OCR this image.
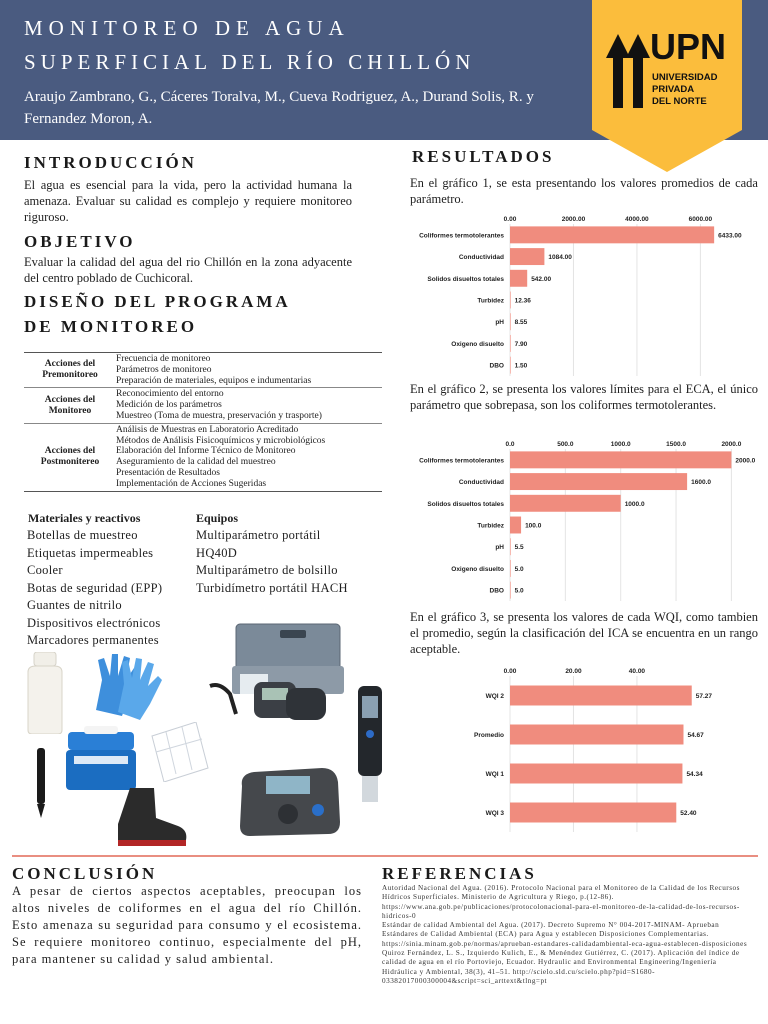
MONITOREO DE AGUA
SUPERFICIAL DEL RÍO CHILLÓN
Araujo Zambrano, G., Cáceres Toralva, M., Cueva Rodriguez, A., Durand Solis, R. y Fernandez Moron, A.
UPN
UNIVERSIDAD
PRIVADA
DEL NORTE
INTRODUCCIÓN
El agua es esencial para la vida, pero la actividad humana la amenaza. Evaluar su calidad es complejo y requiere monitoreo riguroso.
OBJETIVO
Evaluar la calidad del agua del rio Chillón en la zona adyacente del centro poblado de Cuchicoral.
DISEÑO DEL PROGRAMA
DE MONITOREO
Acciones del Premonitoreo
Frecuencia de monitoreo
Parámetros de monitoreo
Preparación de materiales, equipos e indumentarias
Acciones del Monitoreo
Reconocimiento del entorno
Medición de los parámetros
Muestreo (Toma de muestra, preservación y trasporte)
Acciones del Postmonitereo
Análisis de Muestras en Laboratorio Acreditado
Métodos de Análisis Fisicoquímicos y microbiológicos
Elaboración del Informe Técnico de Monitoreo
Aseguramiento de la calidad del muestreo
Presentación de Resultados
Implementación de Acciones Sugeridas
Materiales y reactivos	Equipos
Botellas de muestreo
Etiquetas impermeables
Cooler
Botas de seguridad (EPP)
Guantes de nitrilo
Dispositivos electrónicos
Marcadores permanentes
Multiparámetro portátil
HQ40D
Multiparámetro de bolsillo
Turbidímetro portátil HACH
RESULTADOS
En el gráfico 1, se esta presentando los valores promedios de cada parámetro.
0.00	2000.00	4000.00	6000.00
Coliformes termotolerantes	6433.00
Conductividad	1084.00
Solidos disueltos totales	542.00
Turbidez 12.36
pH 8.55
Oxigeno disuelto 7.90
DBO 1.50
En el gráfico 2, se presenta los valores límites para el ECA, el único parámetro que sobrepasa, son los coliformes termotolerantes.
0.0	500.0	1000.0	1500.0	2000.0
Coliformes termotolerantes	2000.0
Conductividad	1600.0
Solidos disueltos totales	1000.0
Turbidez	100.0
pH 5.5
Oxigeno disuelto 5.0
DBO 5.0
En el gráfico 3, se presenta los valores de cada WQI, como tambien el promedio, según la clasificación del ICA se encuentra en un rango aceptable.
0.00	20.00	40.00
WQI 2	57.27
Promedio	54.67
WQI 1	54.34
WQI 3	52.40
CONCLUSIÓN
A pesar de ciertos aspectos aceptables, preocupan los altos niveles de coliformes en el agua del río Chillón. Esto amenaza su seguridad para consumo y el ecosistema. Se requiere monitoreo continuo, especialmente del pH, para mantener su calidad y salud ambiental.
REFERENCIAS

Autoridad Nacional del Agua. (2016). Protocolo Nacional para el Monitoreo de la Calidad de los Recursos Hídricos Superficiales. Ministerio de Agricultura y Riego, p.(12-86). https://www.ana.gob.pe/publicaciones/protocolonacional-para-el-monitoreo-de-la-calidad-de-los-recursos-hidricos-0

Estándar de calidad Ambiental del Agua. (2017). Decreto Supremo N° 004-2017-MINAM- Aprueban Estándares de Calidad Ambiental (ECA) para Agua y establecen Disposiciones Complementarias. https://sinia.minam.gob.pe/normas/aprueban-estandares-calidadambiental-eca-agua-establecen-disposiciones

Quiroz Fernández, L. S., Izquierdo Kulich, E., & Menéndez Gutiérrez, C. (2017). Aplicación del índice de calidad de agua en el río Portoviejo, Ecuador. Hydraulic and Environmental Engineering/Ingeniería Hidráulica y Ambiental, 38(3), 41–51. http://scielo.sld.cu/scielo.php?pid=S1680-03382017000300004&script=sci_arttext&tlng=pt
